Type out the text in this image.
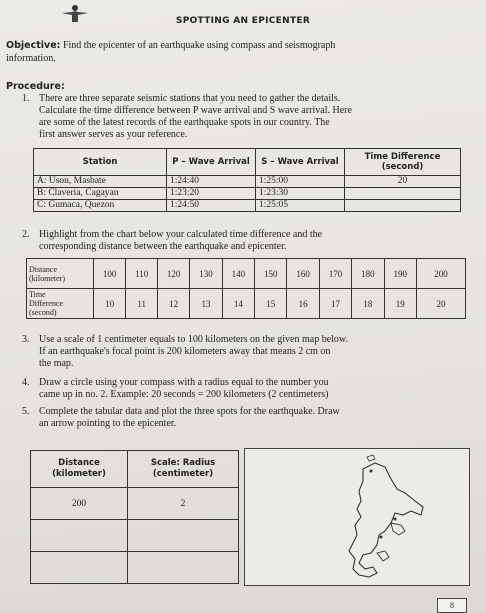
SPOTTING AN EPICENTER
Objective: Find the epicenter of an earthquake using compass and seismograph
information.
Procedure:
1. There are three separate seismic stations that you need to gather the details.
Calculate the time difference between P wave arrival and S wave arrival. Here
are some of the latest records of the earthquake spots in our country. The
first answer serves as your reference.
Station	P – Wave Arrival	S – Wave Arrival	Time Difference (second)
A: Uson, Masbate	1:24:40	1:25:00	20
B: Claveria, Cagayan	1:23:20	1:23:30	
C: Gumaca, Quezon	1:24:50	1:25:05	
2. Highlight from the chart below your calculated time difference and the
corresponding distance between the earthquake and epicenter.
Distance
(kilometer)	100	110	120	130	140	150	160	170	180	190	200
Time
Difference
(second)	10	11	12	13	14	15	16	17	18	19	20
3. Use a scale of 1 centimeter equals to 100 kilometers on the given map below.
If an earthquake's focal point is 200 kilometers away that means 2 cm on
the map.
4. Draw a circle using your compass with a radius equal to the number you
came up in no. 2. Example: 20 seconds = 200 kilometers (2 centimeters)
5. Complete the tabular data and plot the three spots for the earthquake. Draw
an arrow pointing to the epicenter.
Distance
(kilometer)	Scale: Radius
(centimeter)
200	2

8
